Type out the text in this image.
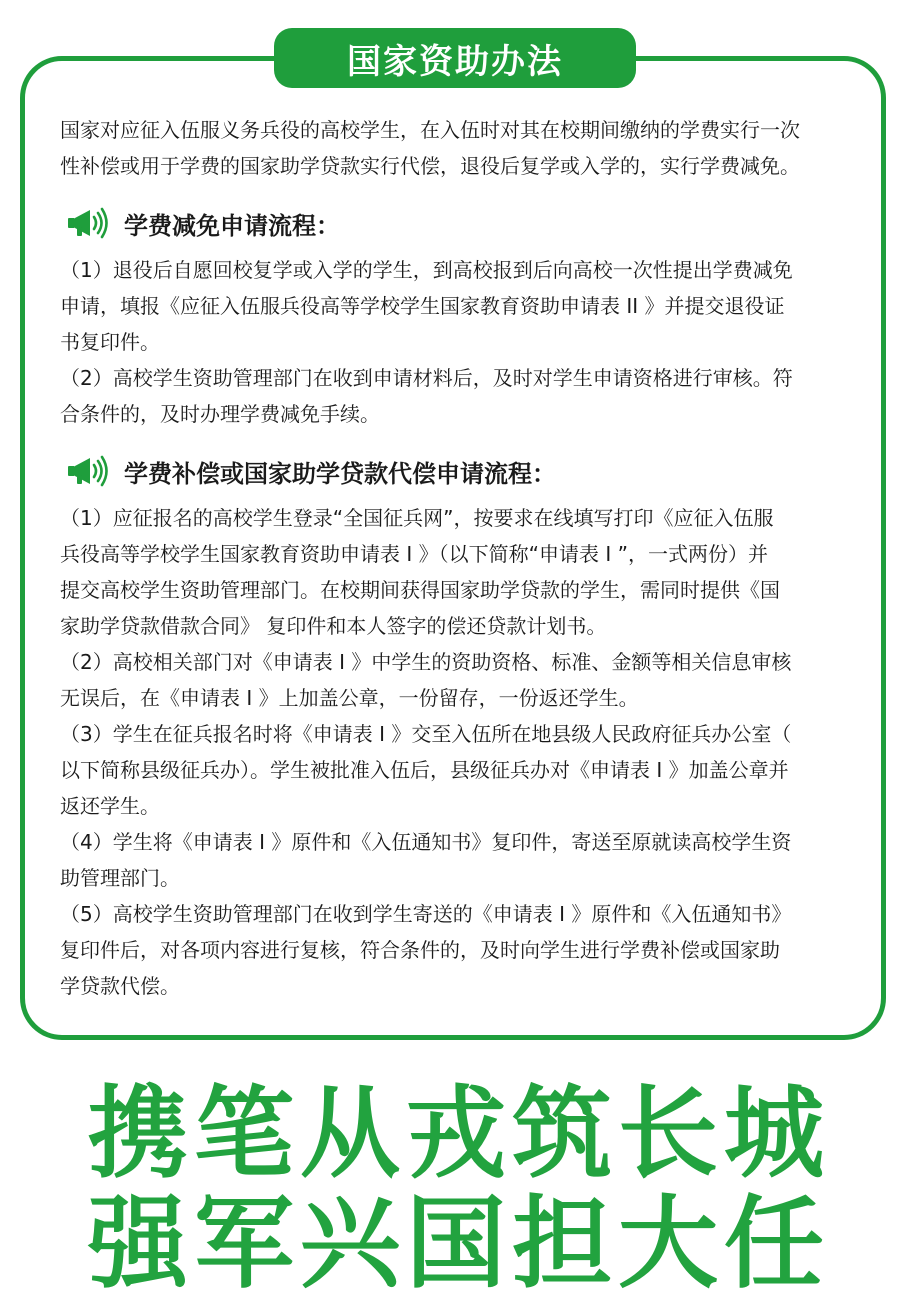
国家资助办法

国家对应征入伍服义务兵役的高校学生，在入伍时对其在校期间缴纳的学费实行一次

性补偿或用于学费的国家助学贷款实行代偿，退役后复学或入学的，实行学费减免。

学费减免申请流程：

（1）退役后自愿回校复学或入学的学生，到高校报到后向高校一次性提出学费减免

申请，填报《应征入伍服兵役高等学校学生国家教育资助申请表 II 》并提交退役证

书复印件。

（2）高校学生资助管理部门在收到申请材料后，及时对学生申请资格进行审核。符

合条件的，及时办理学费减免手续。

学费补偿或国家助学贷款代偿申请流程：

（1）应征报名的高校学生登录“全国征兵网”，按要求在线填写打印《应征入伍服

兵役高等学校学生国家教育资助申请表 I 》（以下简称“申请表 I ”，一式两份）并

提交高校学生资助管理部门。在校期间获得国家助学贷款的学生，需同时提供《国

家助学贷款借款合同》 复印件和本人签字的偿还贷款计划书。

（2）高校相关部门对《申请表 I 》中学生的资助资格、标准、金额等相关信息审核

无误后，在《申请表 I 》上加盖公章，一份留存，一份返还学生。

（3）学生在征兵报名时将《申请表 I 》交至入伍所在地县级人民政府征兵办公室（

以下简称县级征兵办）。学生被批准入伍后，县级征兵办对《申请表 I 》加盖公章并

返还学生。

（4）学生将《申请表 I 》原件和《入伍通知书》复印件，寄送至原就读高校学生资

助管理部门。

（5）高校学生资助管理部门在收到学生寄送的《申请表 I 》原件和《入伍通知书》

复印件后，对各项内容进行复核，符合条件的，及时向学生进行学费补偿或国家助

学贷款代偿。

携笔从戎筑长城
强军兴国担大任
